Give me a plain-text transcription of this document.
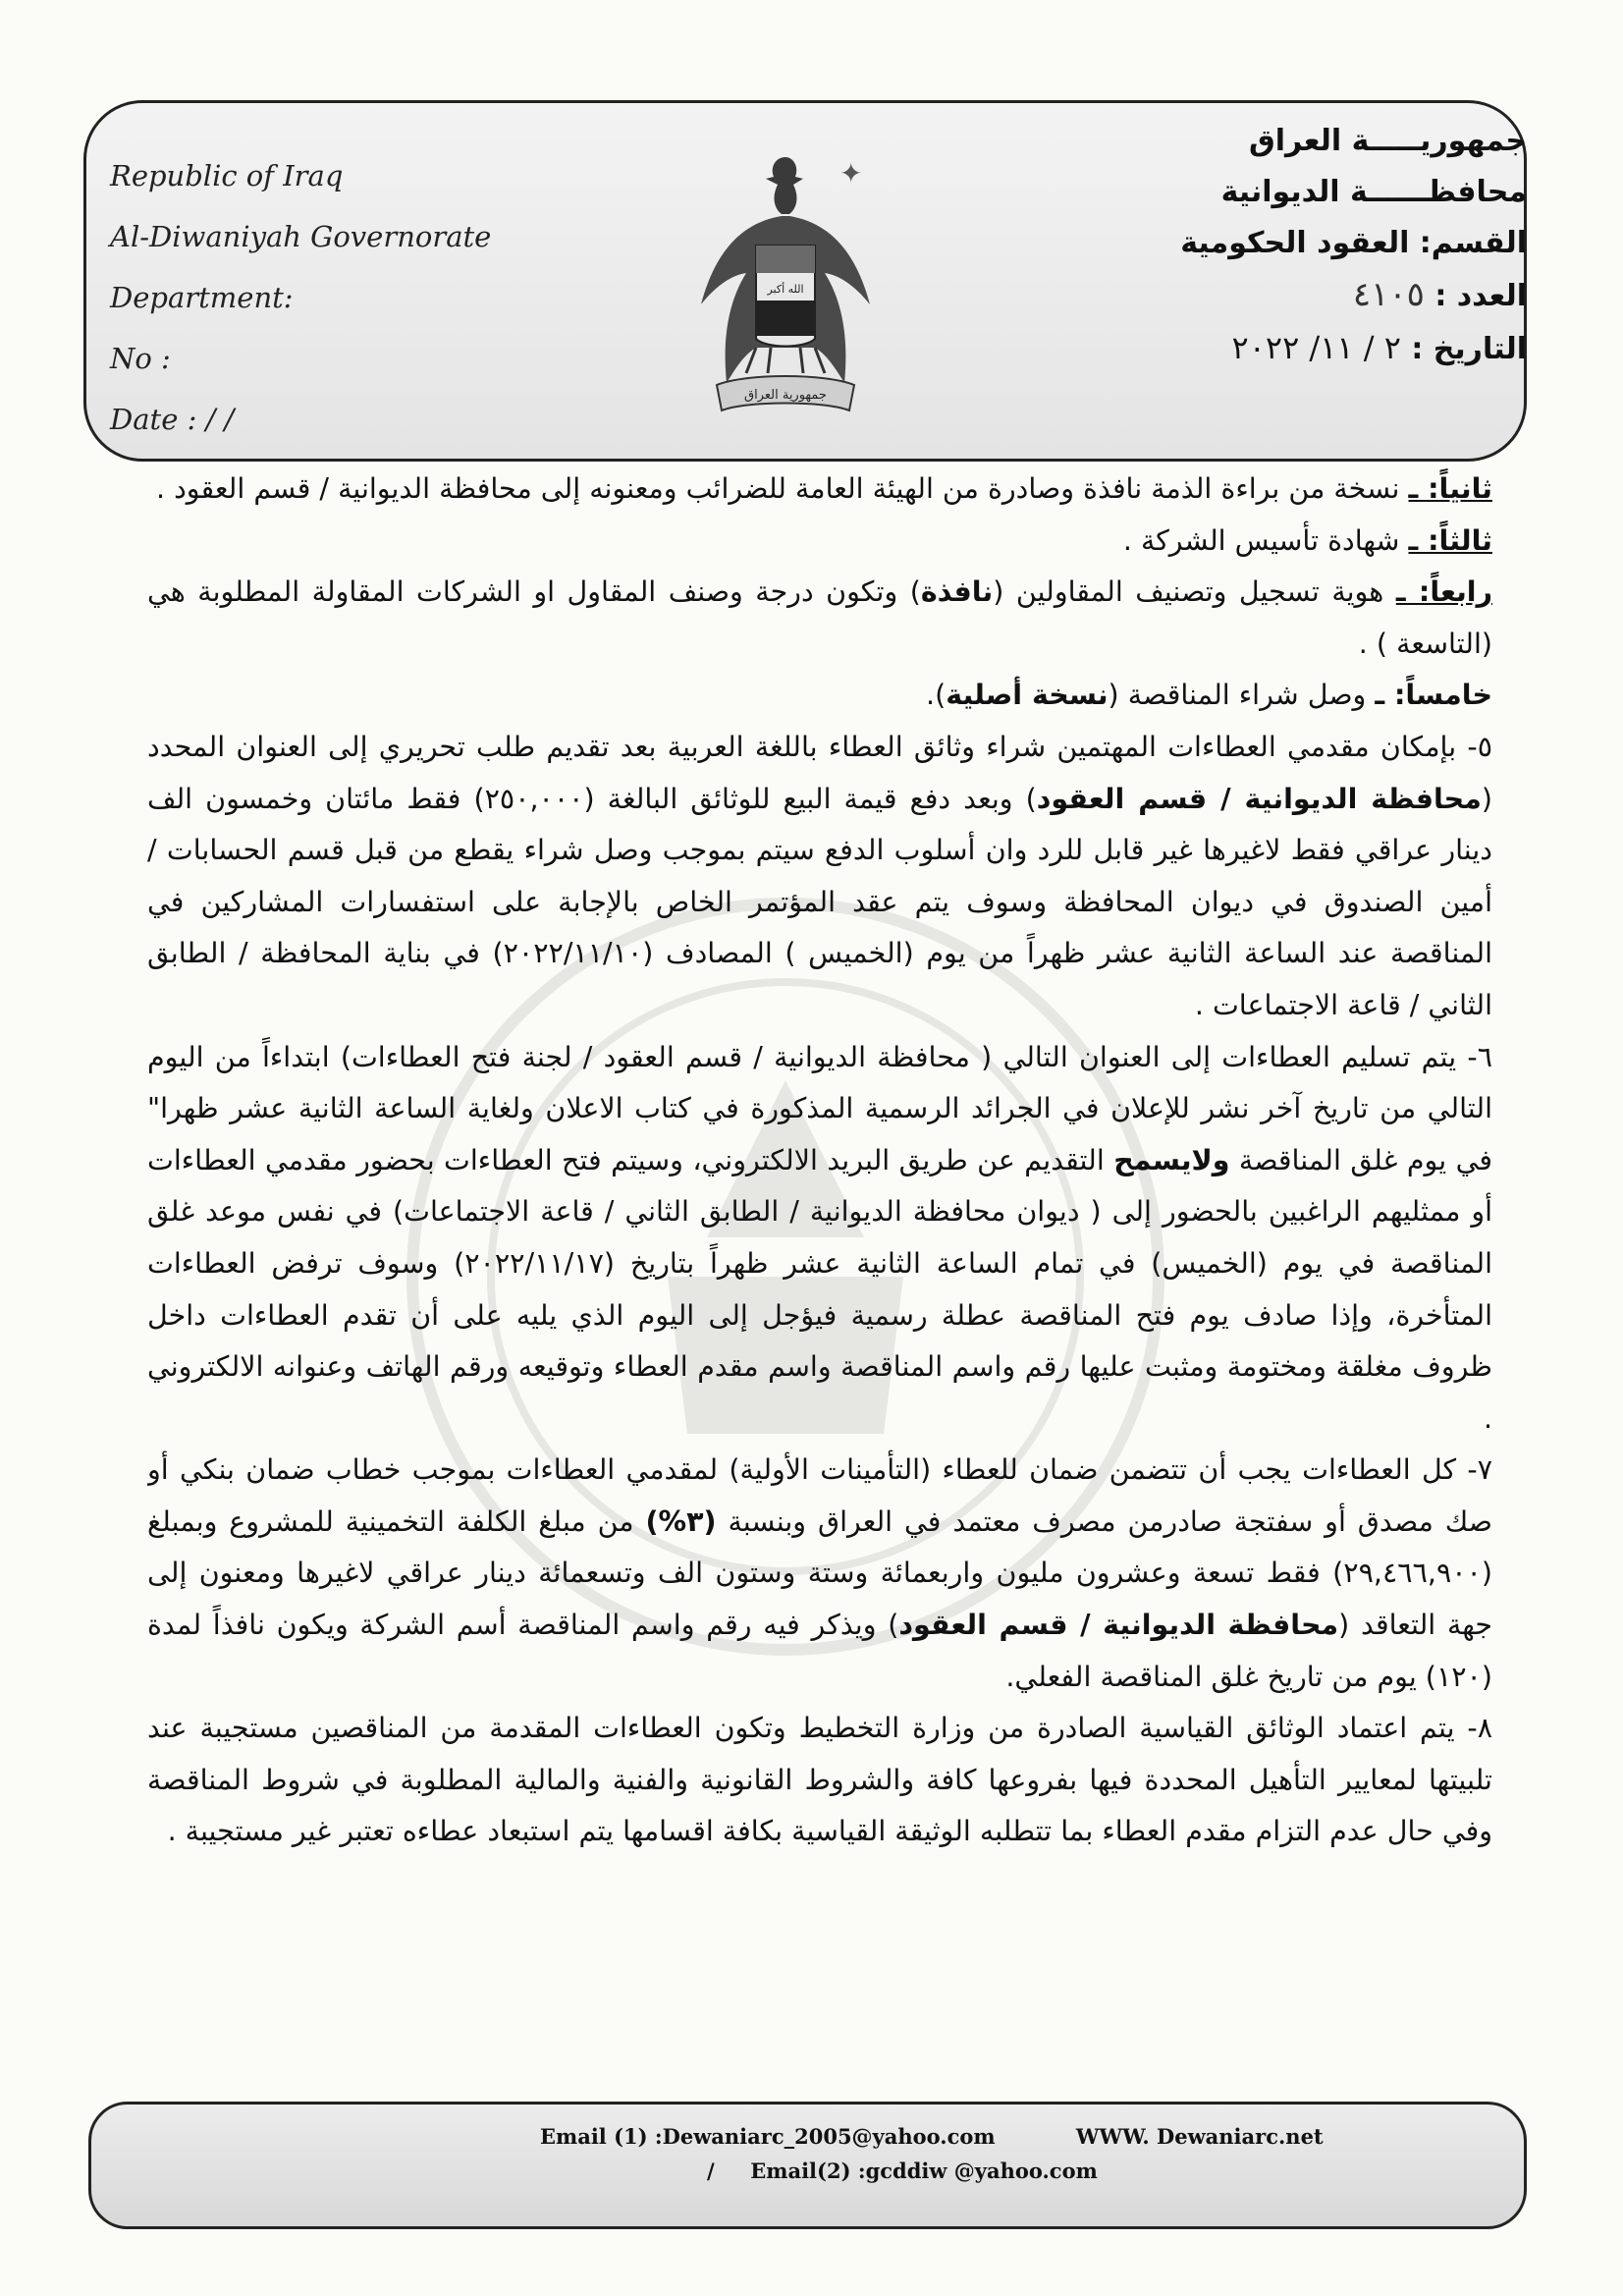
Republic of Iraq
Al-Diwaniyah Governorate
Department:
No :
Date : / /
الله أكبر
جمهورية العراق
✦
جمهوريـــــة العراق
محافظــــــة الديوانية
القسم: العقود الحكومية
العدد : ٤١٠٥
التاريخ : ٢ / ١١/ ٢٠٢٢

ثانياً: ـ نسخة من براءة الذمة نافذة وصادرة من الهيئة العامة للضرائب ومعنونه إلى محافظة الديوانية / قسم العقود .

ثالثاً: ـ شهادة تأسيس الشركة .

رابعاً: ـ هوية تسجيل وتصنيف المقاولين (نافذة) وتكون درجة وصنف المقاول او الشركات المقاولة المطلوبة هي (التاسعة ) .

خامساً: ـ وصل شراء المناقصة (نسخة أصلية).

٥- بإمكان مقدمي العطاءات المهتمين شراء وثائق العطاء باللغة العربية بعد تقديم طلب تحريري إلى العنوان المحدد (محافظة الديوانية / قسم العقود) وبعد دفع قيمة البيع للوثائق البالغة (٢٥٠,٠٠٠) فقط مائتان وخمسون الف دينار عراقي فقط لاغيرها غير قابل للرد وان أسلوب الدفع سيتم بموجب وصل شراء يقطع من قبل قسم الحسابات / أمين الصندوق في ديوان المحافظة وسوف يتم عقد المؤتمر الخاص بالإجابة على استفسارات المشاركين في المناقصة عند الساعة الثانية عشر ظهراً من يوم (الخميس ) المصادف (٢٠٢٢/١١/١٠) في بناية المحافظة / الطابق الثاني / قاعة الاجتماعات .

٦- يتم تسليم العطاءات إلى العنوان التالي ( محافظة الديوانية / قسم العقود / لجنة فتح العطاءات) ابتداءاً من اليوم التالي من تاريخ آخر نشر للإعلان في الجرائد الرسمية المذكورة في كتاب الاعلان ولغاية الساعة الثانية عشر ظهرا" في يوم غلق المناقصة ولايسمح التقديم عن طريق البريد الالكتروني، وسيتم فتح العطاءات بحضور مقدمي العطاءات أو ممثليهم الراغبين بالحضور إلى ( ديوان محافظة الديوانية / الطابق الثاني / قاعة الاجتماعات) في نفس موعد غلق المناقصة في يوم (الخميس) في تمام الساعة الثانية عشر ظهراً بتاريخ (٢٠٢٢/١١/١٧) وسوف ترفض العطاءات المتأخرة، وإذا صادف يوم فتح المناقصة عطلة رسمية فيؤجل إلى اليوم الذي يليه على أن تقدم العطاءات داخل ظروف مغلقة ومختومة ومثبت عليها رقم واسم المناقصة واسم مقدم العطاء وتوقيعه ورقم الهاتف وعنوانه الالكتروني .

٧- كل العطاءات يجب أن تتضمن ضمان للعطاء (التأمينات الأولية) لمقدمي العطاءات بموجب خطاب ضمان بنكي أو صك مصدق أو سفتجة صادرمن مصرف معتمد في العراق وبنسبة (٣%) من مبلغ الكلفة التخمينية للمشروع وبمبلغ (٢٩,٤٦٦,٩٠٠) فقط تسعة وعشرون مليون واربعمائة وستة وستون الف وتسعمائة دينار عراقي لاغيرها ومعنون إلى جهة التعاقد (محافظة الديوانية / قسم العقود) ويذكر فيه رقم واسم المناقصة أسم الشركة ويكون نافذاً لمدة (١٢٠) يوم من تاريخ غلق المناقصة الفعلي.

٨- يتم اعتماد الوثائق القياسية الصادرة من وزارة التخطيط وتكون العطاءات المقدمة من المناقصين مستجيبة عند تلبيتها لمعايير التأهيل المحددة فيها بفروعها كافة والشروط القانونية والفنية والمالية المطلوبة في شروط المناقصة وفي حال عدم التزام مقدم العطاء بما تتطلبه الوثيقة القياسية بكافة اقسامها يتم استبعاد عطاءه تعتبر غير مستجيبة .

Email (1) :Dewaniarc_2005@yahoo.com	WWW. Dewaniarc.net
/ Email(2) :gcddiw @yahoo.com
